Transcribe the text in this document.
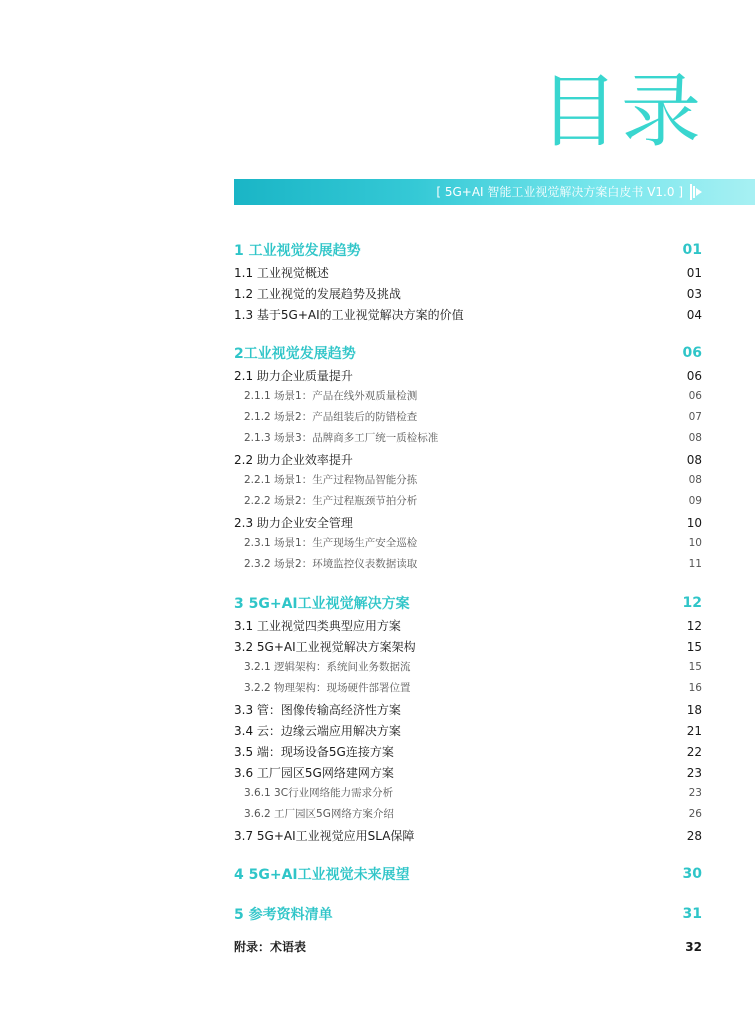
目录
[ 5G+AI 智能工业视觉解决方案白皮书 V1.0 ]
1 工业视觉发展趋势	01
1.1 工业视觉概述	01
1.2 工业视觉的发展趋势及挑战	03
1.3 基于5G+AI的工业视觉解决方案的价值	04
2工业视觉发展趋势	06
2.1 助力企业质量提升	06
2.1.1 场景1：产品在线外观质量检测	06
2.1.2 场景2：产品组装后的防错检查	07
2.1.3 场景3：品牌商多工厂统一质检标准	08
2.2 助力企业效率提升	08
2.2.1 场景1：生产过程物品智能分拣	08
2.2.2 场景2：生产过程瓶颈节拍分析	09
2.3 助力企业安全管理	10
2.3.1 场景1：生产现场生产安全巡检	10
2.3.2 场景2：环境监控仪表数据读取	11
3 5G+AI工业视觉解决方案	12
3.1 工业视觉四类典型应用方案	12
3.2 5G+AI工业视觉解决方案架构	15
3.2.1 逻辑架构：系统间业务数据流	15
3.2.2 物理架构：现场硬件部署位置	16
3.3 管：图像传输高经济性方案	18
3.4 云：边缘云端应用解决方案	21
3.5 端：现场设备5G连接方案	22
3.6 工厂园区5G网络建网方案	23
3.6.1 3C行业网络能力需求分析	23
3.6.2 工厂园区5G网络方案介绍	26
3.7 5G+AI工业视觉应用SLA保障	28
4 5G+AI工业视觉未来展望	30
5 参考资料清单	31
附录：术语表	32
